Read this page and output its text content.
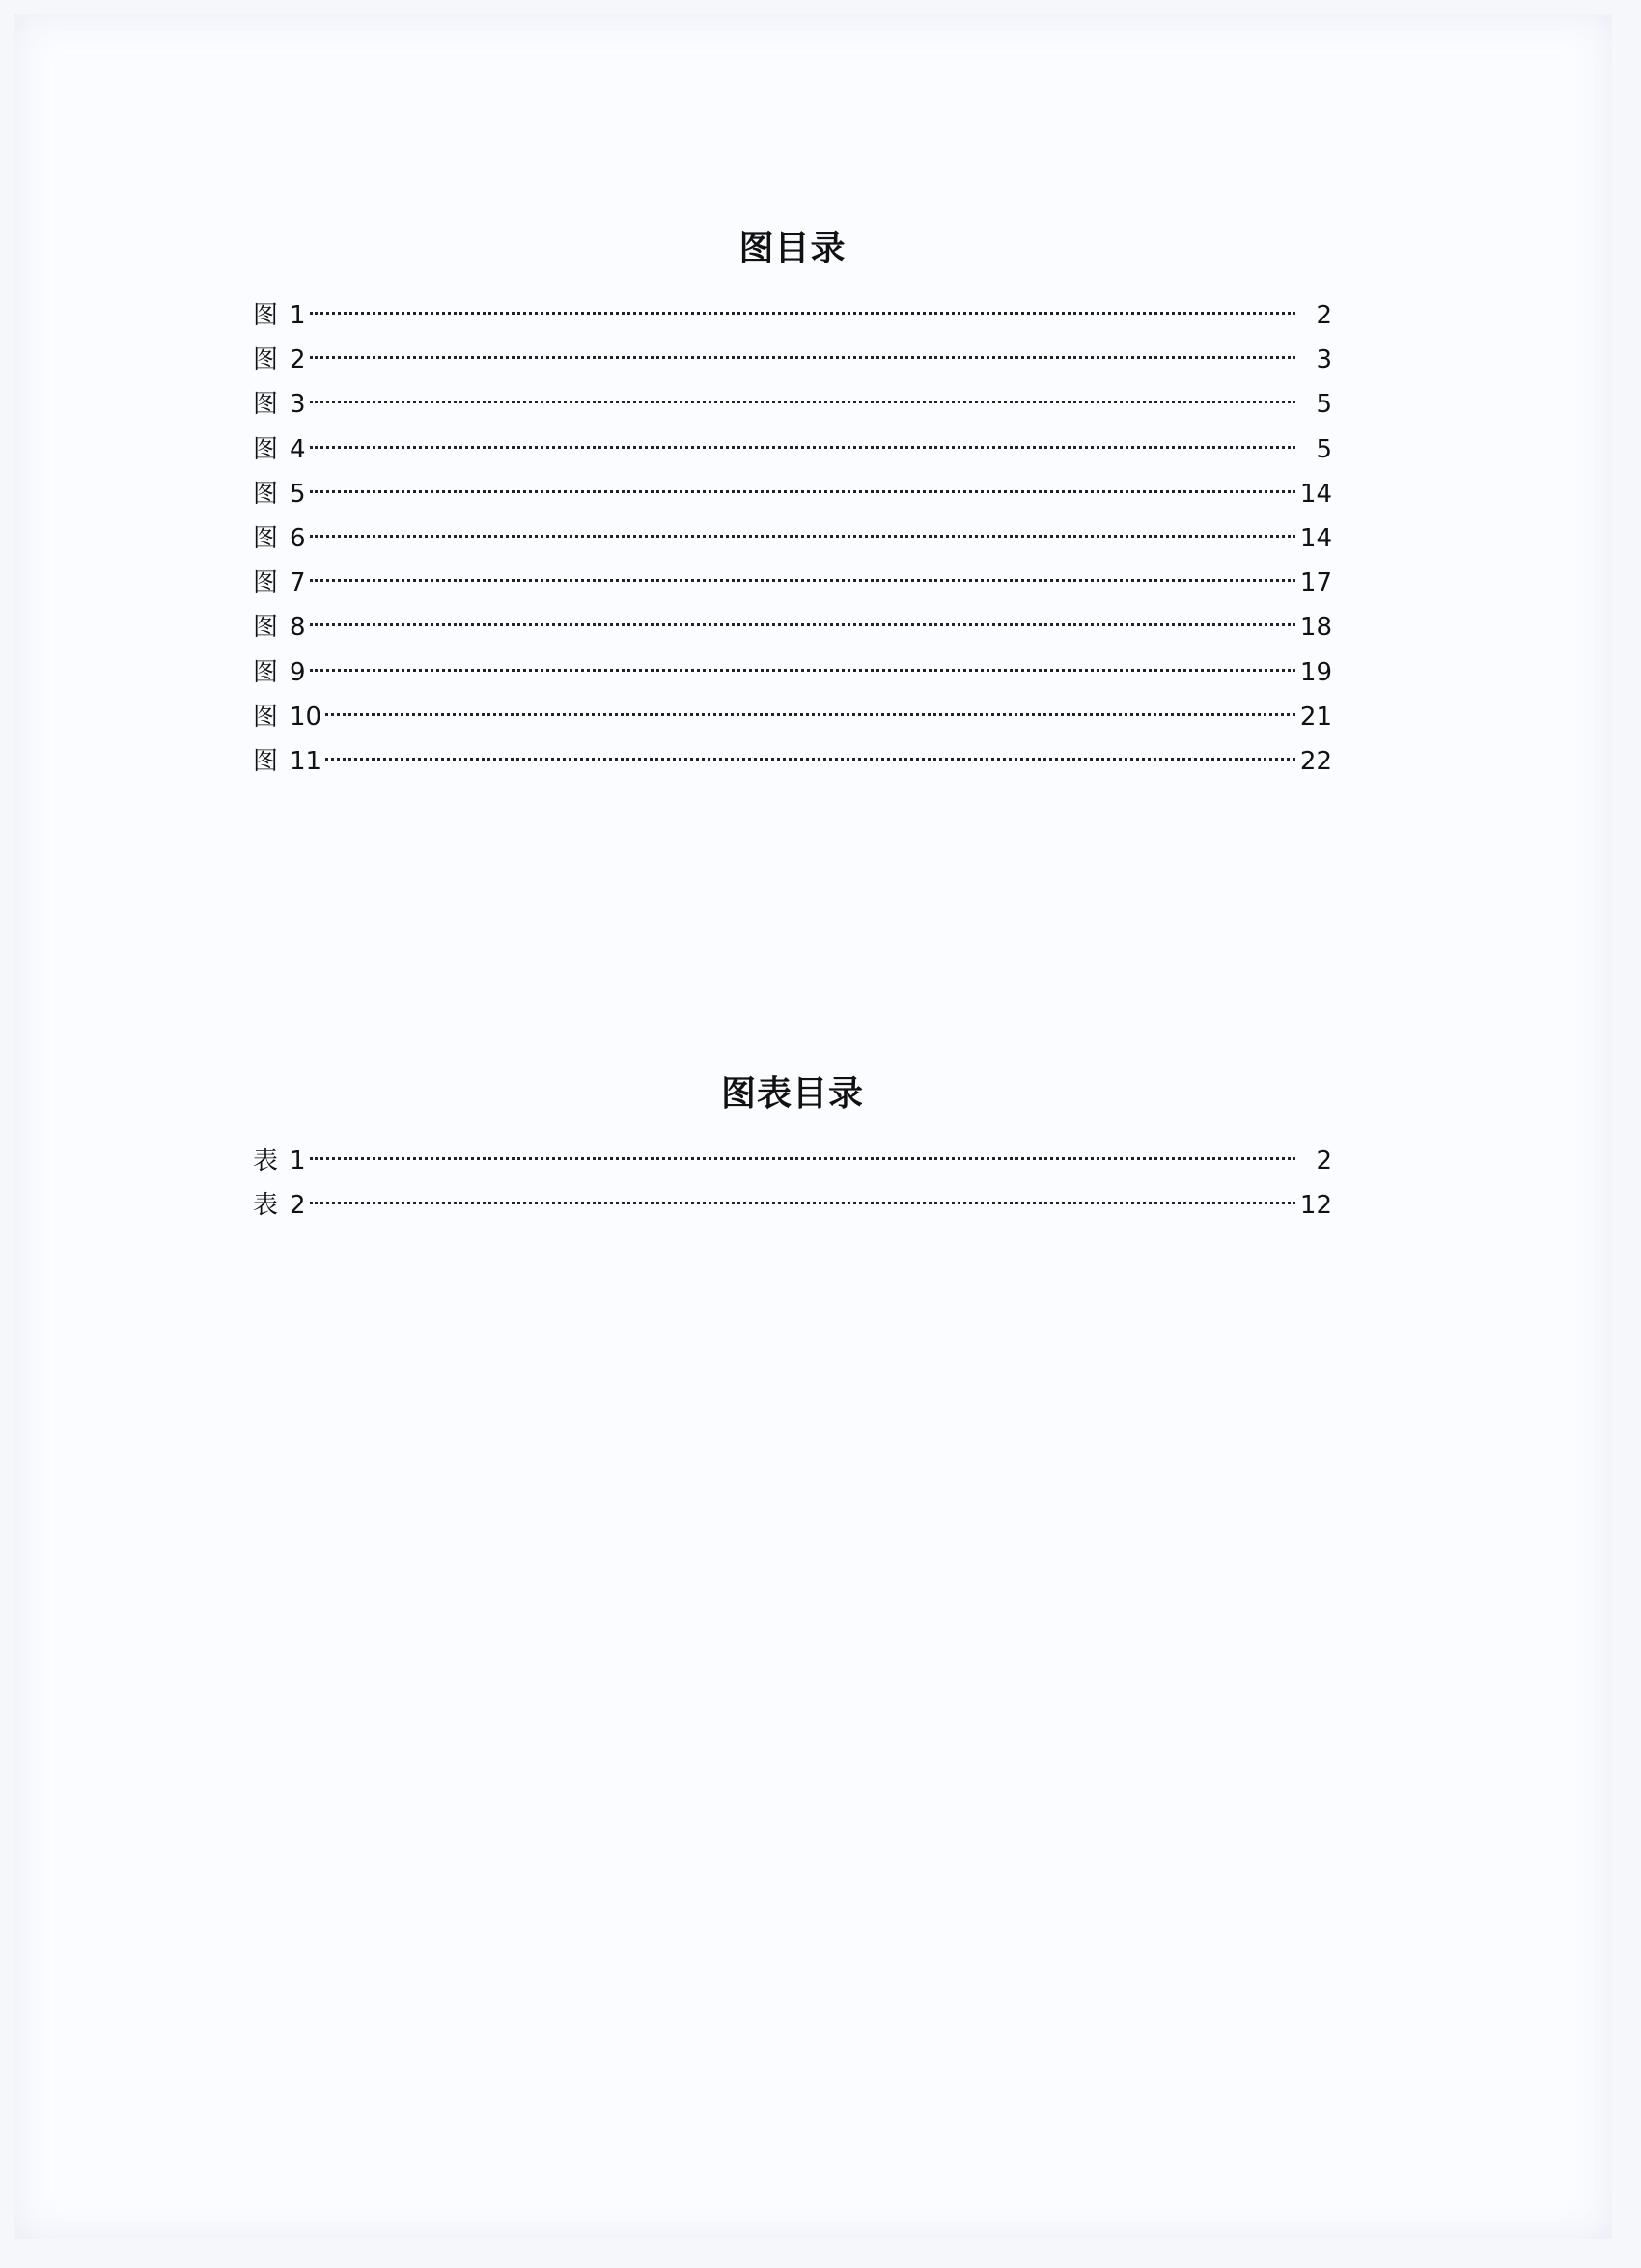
图目录
图 1	2
图 2	3
图 3	5
图 4	5
图 5	14
图 6	14
图 7	17
图 8	18
图 9	19
图 10	21
图 11	22
图表目录
表 1	2
表 2	12
